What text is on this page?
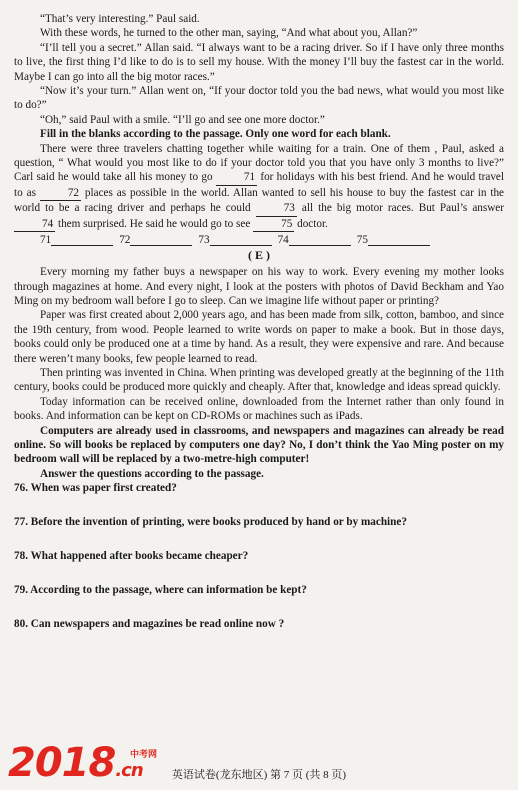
“That’s very interesting.” Paul said.

With these words, he turned to the other man, saying, “And what about you, Allan?”

“I’ll tell you a secret.” Allan said. “I always want to be a racing driver. So if I have only three months to live, the first thing I’d like to do is to sell my house. With the money I’ll buy the fastest car in the world. Maybe I can go into all the big motor races.”

“Now it’s your turn.” Allan went on, “If your doctor told you the bad news, what would you most like to do?”

“Oh,” said Paul with a smile. “I’ll go and see one more doctor.”

Fill in the blanks according to the passage. Only one word for each blank.

There were three travelers chatting together while waiting for a train. One of them , Paul, asked a question, “ What would you most like to do if your doctor told you that you have only 3 months to live?” Carl said he would take all his money to go	71 for holidays with his best friend. And he would travel to as	72 places as possible in the world. Allan wanted to sell his house to buy the fastest car in the world to be a racing driver and perhaps he could	73 all the big motor races. But Paul’s answer 74 them surprised. He said he would go to see	75 doctor.

71	72	73	74	75
( E )

Every morning my father buys a newspaper on his way to work. Every evening my mother looks through magazines at home. And every night, I look at the posters with photos of David Beckham and Yao Ming on my bedroom wall before I go to sleep. Can we imagine life without paper or printing?

Paper was first created about 2,000 years ago, and has been made from silk, cotton, bamboo, and since the 19th century, from wood. People learned to write words on paper to make a book. But in those days, books could only be produced one at a time by hand. As a result, they were expensive and rare. And because there weren’t many books, few people learned to read.

Then printing was invented in China. When printing was developed greatly at the beginning of the 11th century, books could be produced more quickly and cheaply. After that, knowledge and ideas spread quickly.

Today information can be received online, downloaded from the Internet rather than only found in books. And information can be kept on CD-ROMs or machines such as iPads.

Computers are already used in classrooms, and newspapers and magazines can already be read online. So will books be replaced by computers one day? No, I don’t think the Yao Ming poster on my bedroom wall will be replaced by a two-metre-high computer!

Answer the questions according to the passage.

76. When was paper first created?

77. Before the invention of printing, were books produced by hand or by machine?

78. What happened after books became cheaper?

79. According to the passage, where can information be kept?

80. Can newspapers and magazines be read online now ?

英语试卷(龙东地区) 第 7 页 (共 8 页)
2018.cn
中考网
